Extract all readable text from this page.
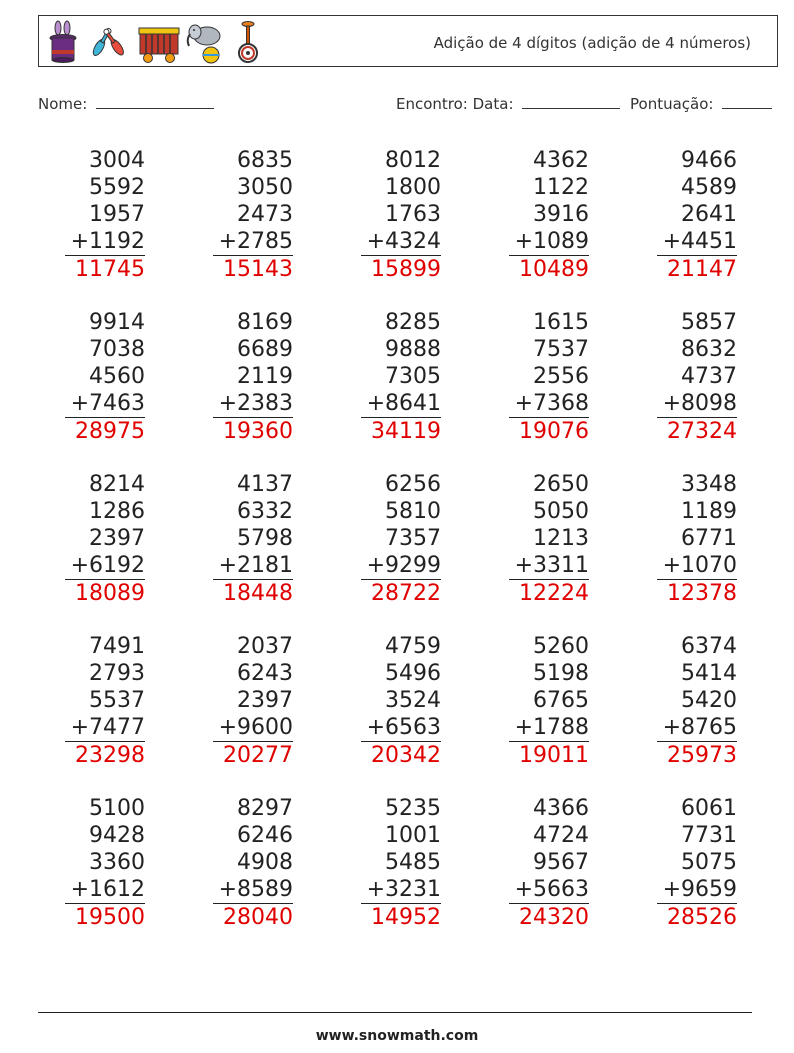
Adição de 4 dígitos (adição de 4 números)
Nome:	Encontro: Data:	Pontuação:
3004
5592
1957
+1192
11745
6835
3050
2473
+2785
15143
8012
1800
1763
+4324
15899
4362
1122
3916
+1089
10489
9466
4589
2641
+4451
21147
9914
7038
4560
+7463
28975
8169
6689
2119
+2383
19360
8285
9888
7305
+8641
34119
1615
7537
2556
+7368
19076
5857
8632
4737
+8098
27324
8214
1286
2397
+6192
18089
4137
6332
5798
+2181
18448
6256
5810
7357
+9299
28722
2650
5050
1213
+3311
12224
3348
1189
6771
+1070
12378
7491
2793
5537
+7477
23298
2037
6243
2397
+9600
20277
4759
5496
3524
+6563
20342
5260
5198
6765
+1788
19011
6374
5414
5420
+8765
25973
5100
9428
3360
+1612
19500
8297
6246
4908
+8589
28040
5235
1001
5485
+3231
14952
4366
4724
9567
+5663
24320
6061
7731
5075
+9659
28526
www.snowmath.com
